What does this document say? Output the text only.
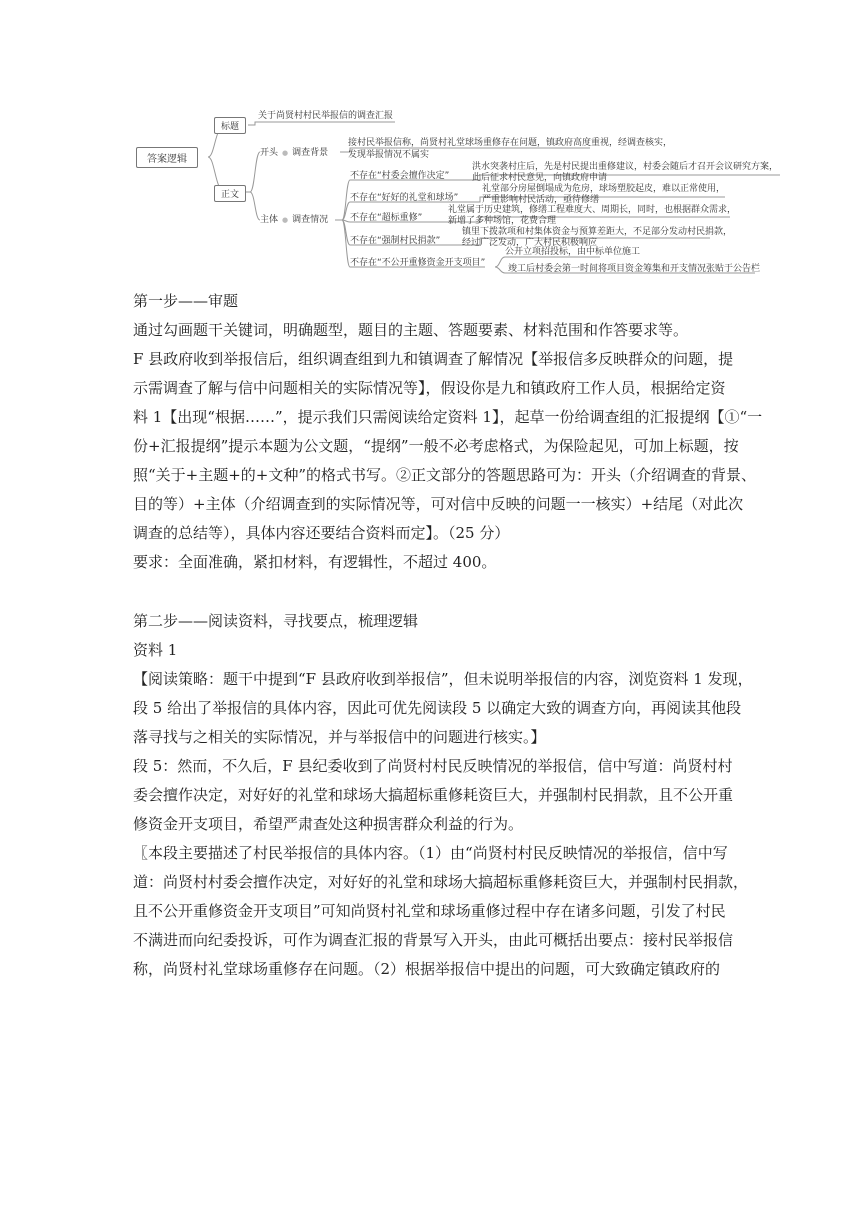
答案逻辑
标题
关于尚贤村村民举报信的调查汇报
正文
开头 ● 调查背景
接村民举报信称，尚贤村礼堂球场重修存在问题，镇政府高度重视，经调查核实，
发现举报情况不属实
主体 ● 调查情况
不存在“村委会擅作决定”
洪水突袭村庄后，先是村民提出重修建议，村委会随后才召开会议研究方案，
此后征求村民意见，向镇政府申请
不存在“好好的礼堂和球场”
礼堂部分房屋倒塌成为危房，球场塑胶起皮，难以正常使用，
严重影响村民活动，亟待修缮
不存在“超标重修”
礼堂属于历史建筑，修缮工程难度大、周期长，同时，也根据群众需求，
新增了多种场馆，花费合理
不存在“强制村民捐款”
镇里下拨款项和村集体资金与预算差距大，不足部分发动村民捐款，
经过广泛发动，广大村民积极响应
不存在“不公开重修资金开支项目”
公开立项招投标，由中标单位施工
竣工后村委会第一时间将项目资金筹集和开支情况张贴于公告栏
第一步——审题
通过勾画题干关键词，明确题型，题目的主题、答题要素、材料范围和作答要求等。
F 县政府收到举报信后，组织调查组到九和镇调查了解情况【举报信多反映群众的问题，提
示需调查了解与信中问题相关的实际情况等】，假设你是九和镇政府工作人员，根据给定资
料 1【出现“根据……”，提示我们只需阅读给定资料 1】，起草一份给调查组的汇报提纲【①“一
份+汇报提纲”提示本题为公文题，“提纲”一般不必考虑格式，为保险起见，可加上标题，按
照“关于+主题+的+文种”的格式书写。②正文部分的答题思路可为：开头（介绍调查的背景、
目的等）+主体（介绍调查到的实际情况等，可对信中反映的问题一一核实）+结尾（对此次
调查的总结等），具体内容还要结合资料而定】。（25 分）
要求：全面准确，紧扣材料，有逻辑性，不超过 400。
第二步——阅读资料，寻找要点，梳理逻辑
资料 1
【阅读策略：题干中提到“F 县政府收到举报信”，但未说明举报信的内容，浏览资料 1 发现，
段 5 给出了举报信的具体内容，因此可优先阅读段 5 以确定大致的调查方向，再阅读其他段
落寻找与之相关的实际情况，并与举报信中的问题进行核实。】
段 5：然而，不久后，F 县纪委收到了尚贤村村民反映情况的举报信，信中写道：尚贤村村
委会擅作决定，对好好的礼堂和球场大搞超标重修耗资巨大，并强制村民捐款，且不公开重
修资金开支项目，希望严肃查处这种损害群众利益的行为。
〖本段主要描述了村民举报信的具体内容。（1）由“尚贤村村民反映情况的举报信，信中写
道：尚贤村村委会擅作决定，对好好的礼堂和球场大搞超标重修耗资巨大，并强制村民捐款，
且不公开重修资金开支项目”可知尚贤村礼堂和球场重修过程中存在诸多问题，引发了村民
不满进而向纪委投诉，可作为调查汇报的背景写入开头，由此可概括出要点：接村民举报信
称，尚贤村礼堂球场重修存在问题。（2）根据举报信中提出的问题，可大致确定镇政府的
